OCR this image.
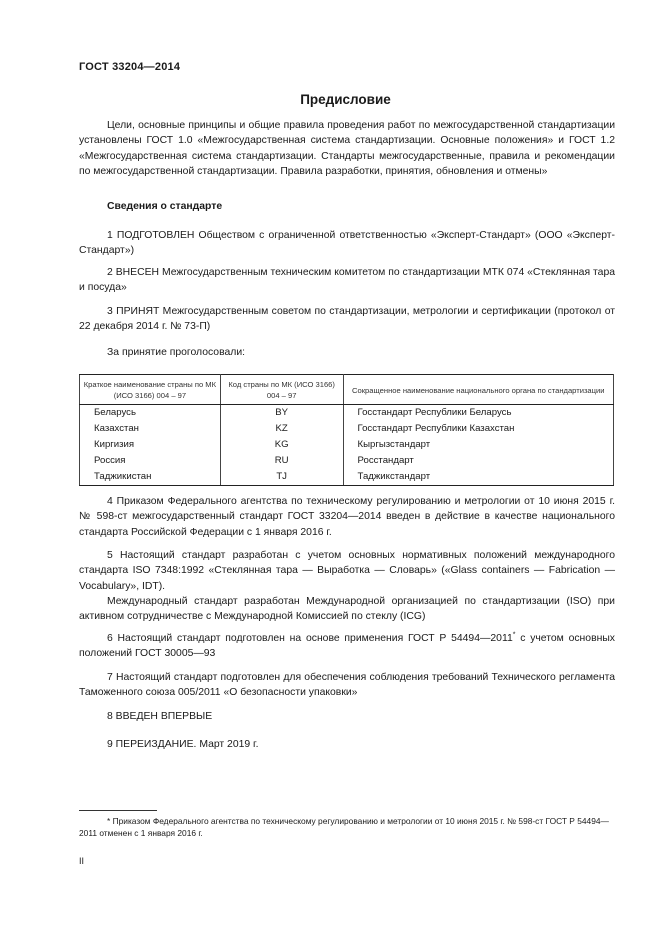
ГОСТ 33204—2014
Предисловие

Цели, основные принципы и общие правила проведения работ по межгосударственной стандартизации установлены ГОСТ 1.0 «Межгосударственная система стандартизации. Основные положения» и ГОСТ 1.2 «Межгосударственная система стандартизации. Стандарты межгосударственные, правила и рекомендации по межгосударственной стандартизации. Правила разработки, принятия, обновления и отмены»

Сведения о стандарте

1 ПОДГОТОВЛЕН Обществом с ограниченной ответственностью «Эксперт-Стандарт» (ООО «Эксперт-Стандарт»)

2 ВНЕСЕН Межгосударственным техническим комитетом по стандартизации МТК 074 «Стеклянная тара и посуда»

3 ПРИНЯТ Межгосударственным советом по стандартизации, метрологии и сертификации (протокол от 22 декабря 2014 г. № 73-П)

За принятие проголосовали:

Краткое наименование страны по МК (ИСО 3166) 004 – 97	Код страны по МК (ИСО 3166) 004 – 97	Сокращенное наименование национального органа по стандартизации
Беларусь	BY	Госстандарт Республики Беларусь
Казахстан	KZ	Госстандарт Республики Казахстан
Киргизия	KG	Кыргызстандарт
Россия	RU	Росстандарт
Таджикистан	TJ	Таджикстандарт

4 Приказом Федерального агентства по техническому регулированию и метрологии от 10 июня 2015 г. № 598-ст межгосударственный стандарт ГОСТ 33204—2014 введен в действие в качестве национального стандарта Российской Федерации с 1 января 2016 г.

5 Настоящий стандарт разработан с учетом основных нормативных положений международного стандарта ISO 7348:1992 «Стеклянная тара — Выработка — Словарь» («Glass containers — Fabrication — Vocabulary», IDT).

Международный стандарт разработан Международной организацией по стандартизации (ISO) при активном сотрудничестве с Международной Комиссией по стеклу (ICG)

6 Настоящий стандарт подготовлен на основе применения ГОСТ Р 54494—2011* с учетом основных положений ГОСТ 30005—93

7 Настоящий стандарт подготовлен для обеспечения соблюдения требований Технического регламента Таможенного союза 005/2011 «О безопасности упаковки»

8 ВВЕДЕН ВПЕРВЫЕ

9 ПЕРЕИЗДАНИЕ. Март 2019 г.

* Приказом Федерального агентства по техническому регулированию и метрологии от 10 июня 2015 г. № 598-ст ГОСТ Р 54494—2011 отменен с 1 января 2016 г.
II
